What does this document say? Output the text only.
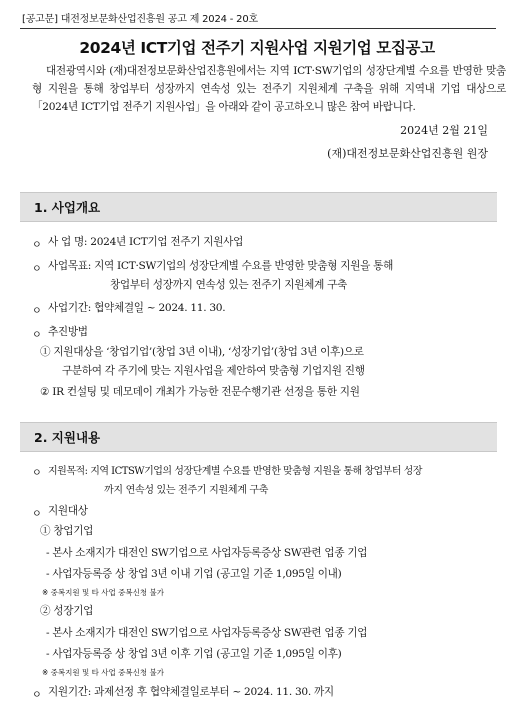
[공고문] 대전정보문화산업진흥원 공고 제 2024 - 20호
2024년 ICT기업 전주기 지원사업 지원기업 모집공고
대전광역시와 (재)대전정보문화산업진흥원에서는 지역 ICT·SW기업의 성장단계별 수요를 반영한 맞춤형 지원을 통해 창업부터 성장까지 연속성 있는 전주기 지원체계 구축을 위해 지역내 기업 대상으로 「2024년 ICT기업 전주기 지원사업」을 아래와 같이 공고하오니 많은 참여 바랍니다.
2024년 2월 21일
(재)대전정보문화산업진흥원 원장
1. 사업개요
ㅇ 사 업 명: 2024년 ICT기업 전주기 지원사업
ㅇ 사업목표: 지역 ICT·SW기업의 성장단계별 수요를 반영한 맞춤형 지원을 통해
창업부터 성장까지 연속성 있는 전주기 지원체계 구축
ㅇ 사업기간: 협약체결일 ~ 2024. 11. 30.
ㅇ 추진방법
① 지원대상을 ‘창업기업’(창업 3년 이내), ‘성장기업’(창업 3년 이후)으로
구분하여 각 주기에 맞는 지원사업을 제안하여 맞춤형 기업지원 진행
② IR 컨설팅 및 데모데이 개최가 가능한 전문수행기관 선정을 통한 지원
2. 지원내용
ㅇ 지원목적: 지역 ICTSW기업의 성장단계별 수요를 반영한 맞춤형 지원을 통해 창업부터 성장
까지 연속성 있는 전주기 지원체계 구축
ㅇ 지원대상
① 창업기업
- 본사 소재지가 대전인 SW기업으로 사업자등록증상 SW관련 업종 기업
- 사업자등록증 상 창업 3년 이내 기업 (공고일 기준 1,095일 이내)
※ 중복지원 및 타 사업 중복신청 불가
② 성장기업
- 본사 소재지가 대전인 SW기업으로 사업자등록증상 SW관련 업종 기업
- 사업자등록증 상 창업 3년 이후 기업 (공고일 기준 1,095일 이후)
※ 중복지원 및 타 사업 중복신청 불가
ㅇ 지원기간: 과제선정 후 협약체결일로부터 ~ 2024. 11. 30. 까지
